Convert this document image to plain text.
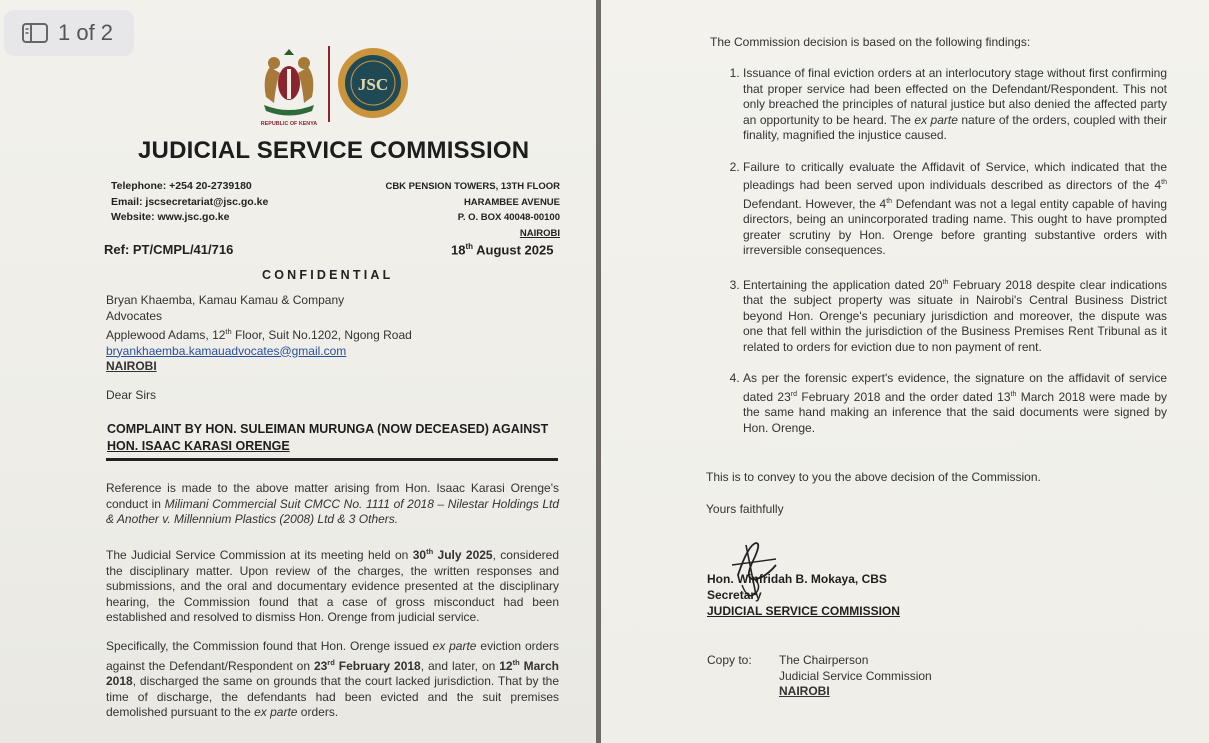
1 of 2
REPUBLIC OF KENYA
JSC
JUDICIAL SERVICE COMMISSION
Telephone: +254 20-2739180
Email: jscsecretariat@jsc.go.ke
Website: www.jsc.go.ke
CBK PENSION TOWERS, 13TH FLOOR
HARAMBEE AVENUE
P. O. BOX 40048-00100
NAIROBI
Ref: PT/CMPL/41/716	18th August 2025
CONFIDENTIAL
Bryan Khaemba, Kamau Kamau & Company
Advocates
Applewood Adams, 12th Floor, Suit No.1202, Ngong Road
bryankhaemba.kamauadvocates@gmail.com
NAIROBI
Dear Sirs
COMPLAINT BY HON. SULEIMAN MURUNGA (NOW DECEASED) AGAINST
HON. ISAAC KARASI ORENGE
Reference is made to the above matter arising from Hon. Isaac Karasi Orenge's conduct in Milimani Commercial Suit CMCC No. 1111 of 2018 – Nilestar Holdings Ltd & Another v. Millennium Plastics (2008) Ltd & 3 Others.
The Judicial Service Commission at its meeting held on 30th July 2025, considered the disciplinary matter. Upon review of the charges, the written responses and submissions, and the oral and documentary evidence presented at the disciplinary hearing, the Commission found that a case of gross misconduct had been established and resolved to dismiss Hon. Orenge from judicial service.
Specifically, the Commission found that Hon. Orenge issued ex parte eviction orders against the Defendant/Respondent on 23rd February 2018, and later, on 12th March 2018, discharged the same on grounds that the court lacked jurisdiction. That by the time of discharge, the defendants had been evicted and the suit premises demolished pursuant to the ex parte orders.
The Commission decision is based on the following findings:
1. Issuance of final eviction orders at an interlocutory stage without first confirming that proper service had been effected on the Defendant/Respondent. This not only breached the principles of natural justice but also denied the affected party an opportunity to be heard. The ex parte nature of the orders, coupled with their finality, magnified the injustice caused.
2. Failure to critically evaluate the Affidavit of Service, which indicated that the pleadings had been served upon individuals described as directors of the 4th Defendant. However, the 4th Defendant was not a legal entity capable of having directors, being an unincorporated trading name. This ought to have prompted greater scrutiny by Hon. Orenge before granting substantive orders with irreversible consequences.
3. Entertaining the application dated 20th February 2018 despite clear indications that the subject property was situate in Nairobi's Central Business District beyond Hon. Orenge's pecuniary jurisdiction and moreover, the dispute was one that fell within the jurisdiction of the Business Premises Rent Tribunal as it related to orders for eviction due to non payment of rent.
4. As per the forensic expert's evidence, the signature on the affidavit of service dated 23rd February 2018 and the order dated 13th March 2018 were made by the same hand making an inference that the said documents were signed by Hon. Orenge.
This is to convey to you the above decision of the Commission.
Yours faithfully
Hon. Winfridah B. Mokaya, CBS
Secretary
JUDICIAL SERVICE COMMISSION
Copy to: The Chairperson
Judicial Service Commission
NAIROBI
